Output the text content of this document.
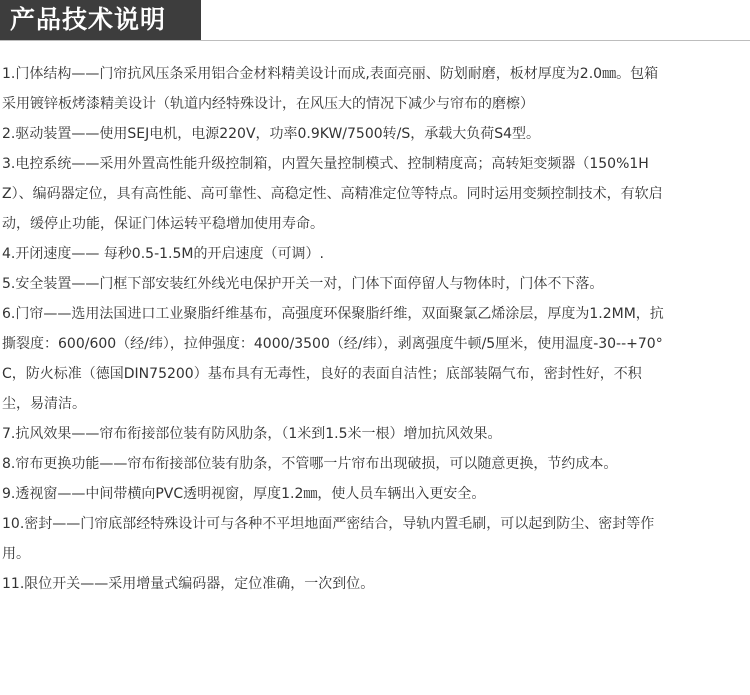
产品技术说明

1.门体结构——门帘抗风压条采用铝合金材料精美设计而成,表面亮丽、防划耐磨，板材厚度为2.0㎜。包箱采用镀锌板烤漆精美设计（轨道内经特殊设计，在风压大的情况下减少与帘布的磨檫）

2.驱动装置——使用SEJ电机，电源220V，功率0.9KW/7500转/S，承载大负荷S4型。

3.电控系统——采用外置高性能升级控制箱，内置矢量控制模式、控制精度高；高转矩变频器（150%1HZ）、编码器定位，具有高性能、高可靠性、高稳定性、高精准定位等特点。同时运用变频控制技术，有软启动，缓停止功能，保证门体运转平稳增加使用寿命。

4.开闭速度—— 每秒0.5-1.5M的开启速度（可调）.

5.安全装置——门框下部安装红外线光电保护开关一对，门体下面停留人与物体时，门体不下落。

6.门帘——选用法国进口工业聚脂纤维基布，高强度环保聚脂纤维，双面聚氯乙烯涂层，厚度为1.2MM，抗撕裂度：600/600（经/纬），拉伸强度：4000/3500（经/纬），剥离强度牛顿/5厘米，使用温度-30--+70°C，防火标准（德国DIN75200）基布具有无毒性，良好的表面自洁性；底部装隔气布，密封性好，不积尘，易清洁。

7.抗风效果——帘布衔接部位装有防风肋条，（1米到1.5米一根）增加抗风效果。

8.帘布更换功能——帘布衔接部位装有肋条，不管哪一片帘布出现破损，可以随意更换，节约成本。

9.透视窗——中间带横向PVC透明视窗，厚度1.2㎜，使人员车辆出入更安全。

10.密封——门帘底部经特殊设计可与各种不平坦地面严密结合，导轨内置毛刷，可以起到防尘、密封等作用。

11.限位开关——采用增量式编码器，定位准确，一次到位。
